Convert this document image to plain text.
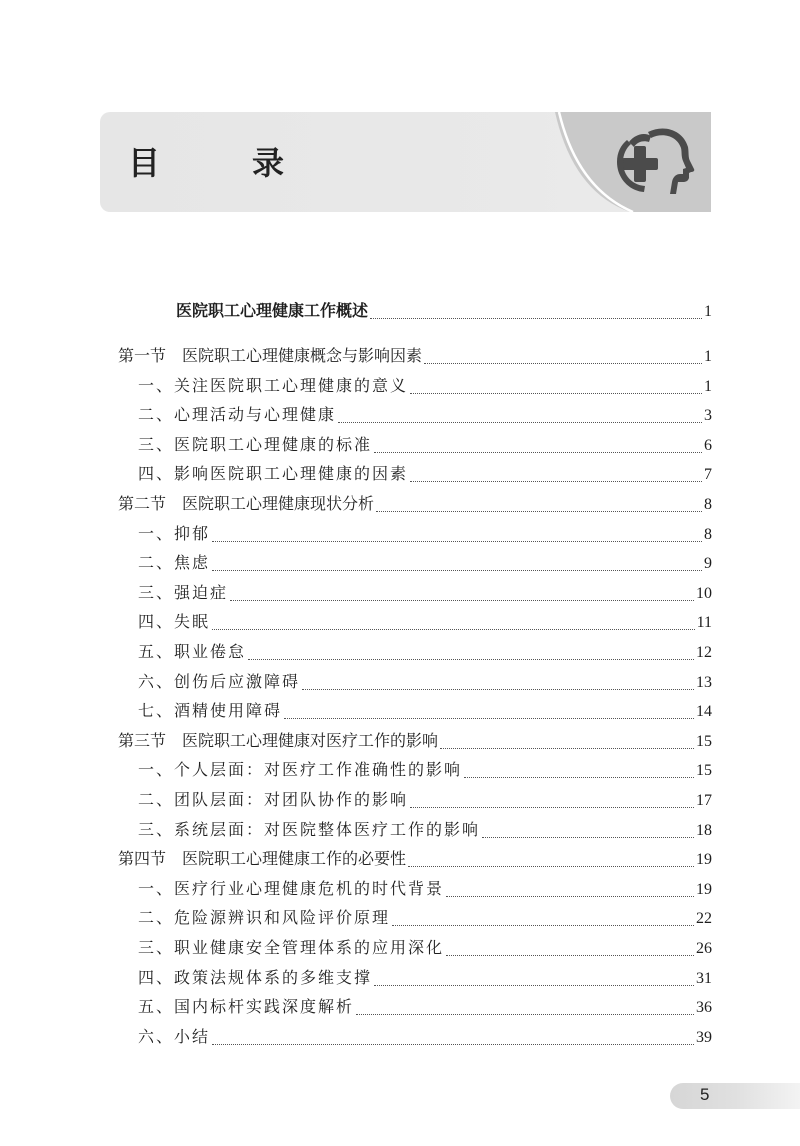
目　录
医院职工心理健康工作概述	1
第一节　医院职工心理健康概念与影响因素	1
一、关注医院职工心理健康的意义	1
二、心理活动与心理健康	3
三、医院职工心理健康的标准	6
四、影响医院职工心理健康的因素	7
第二节　医院职工心理健康现状分析	8
一、抑郁	8
二、焦虑	9
三、强迫症	10
四、失眠	11
五、职业倦怠	12
六、创伤后应激障碍	13
七、酒精使用障碍	14
第三节　医院职工心理健康对医疗工作的影响	15
一、个人层面：对医疗工作准确性的影响	15
二、团队层面：对团队协作的影响	17
三、系统层面：对医院整体医疗工作的影响	18
第四节　医院职工心理健康工作的必要性	19
一、医疗行业心理健康危机的时代背景	19
二、危险源辨识和风险评价原理	22
三、职业健康安全管理体系的应用深化	26
四、政策法规体系的多维支撑	31
五、国内标杆实践深度解析	36
六、小结	39
5
